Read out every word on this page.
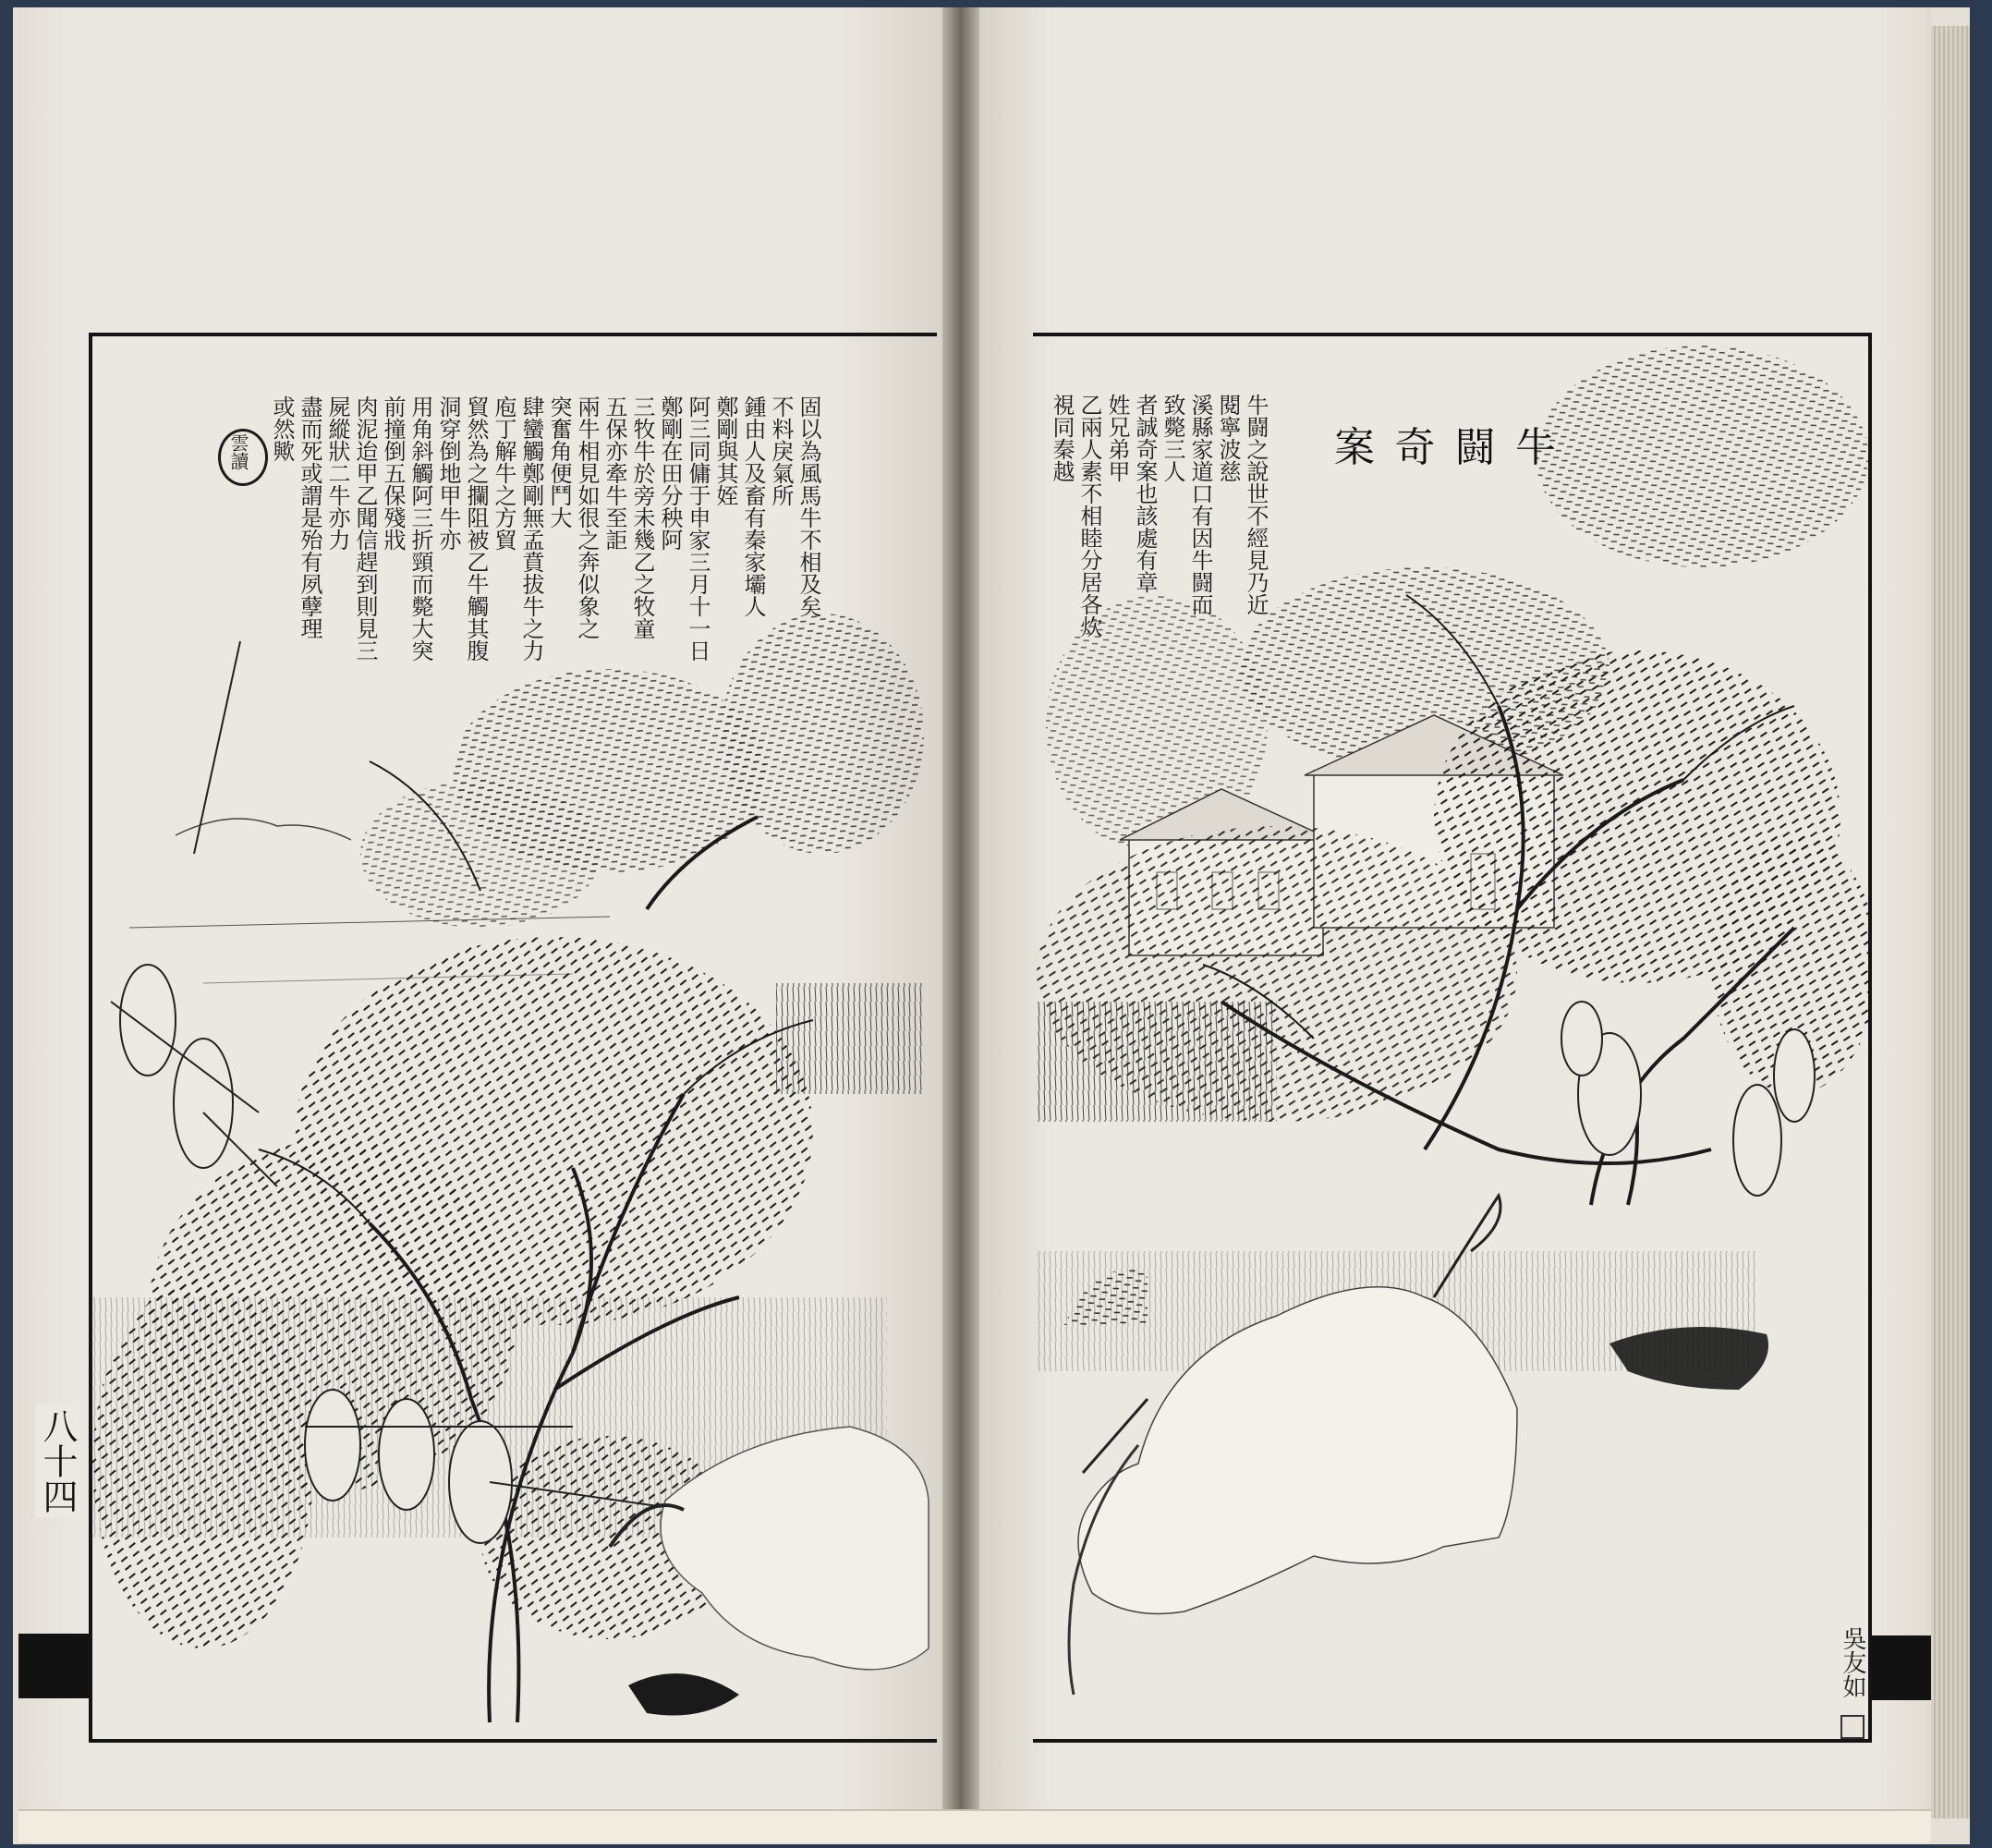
固以為風馬牛不相及矣
不料戾氣所
鍾由人及畜有秦家壩人
鄭剛與其姪
阿三同傭于申家三月十一日
鄭剛在田分秧阿
三牧牛於旁未幾乙之牧童
五保亦牽牛至詎
兩牛相見如很之奔似象之
突奮角便鬥大
肆蠻觸鄭剛無孟賁拔牛之力
庖丁解牛之方貿
貿然為之攔阻被乙牛觸其腹
洞穿倒地甲牛亦
用角斜觸阿三折頸而斃大突
前撞倒五保殘戕
肉泥迨甲乙聞信趕到則見三
屍縱狀二牛亦力
盡而死或謂是殆有夙孽理
或然歟
雲讀	牛
闘
奇
案
牛闘之說世不經見乃近
閱寧波慈
溪縣家道口有因牛闘而
致斃三人
者誠奇案也該處有章
姓兄弟甲
乙兩人素不相睦分居各炊
視同秦越
八十四
吳友如
